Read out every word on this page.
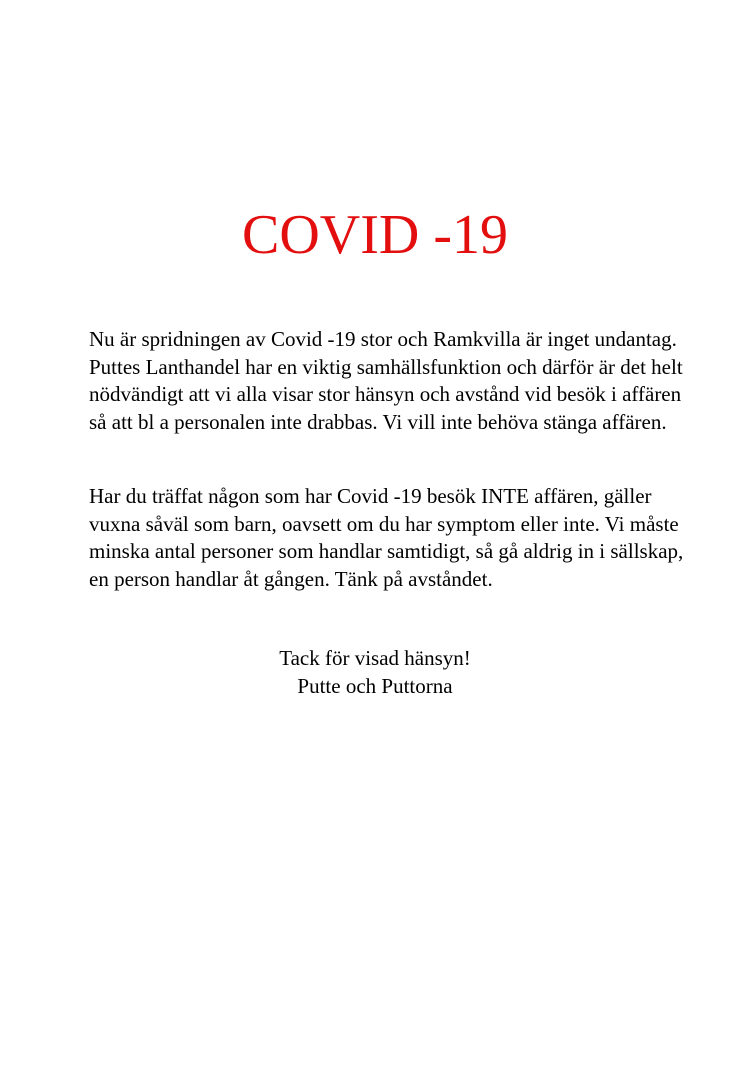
COVID -19

Nu är spridningen av Covid -19 stor och Ramkvilla är inget undantag. Puttes Lanthandel har en viktig samhällsfunktion och därför är det helt nödvändigt att vi alla visar stor hänsyn och avstånd vid besök i affären så att bl a personalen inte drabbas. Vi vill inte behöva stänga affären.

Har du träffat någon som har Covid -19 besök INTE affären, gäller vuxna såväl som barn, oavsett om du har symptom eller inte. Vi måste minska antal personer som handlar samtidigt, så gå aldrig in i sällskap, en person handlar åt gången. Tänk på avståndet.

Tack för visad hänsyn!
Putte och Puttorna
